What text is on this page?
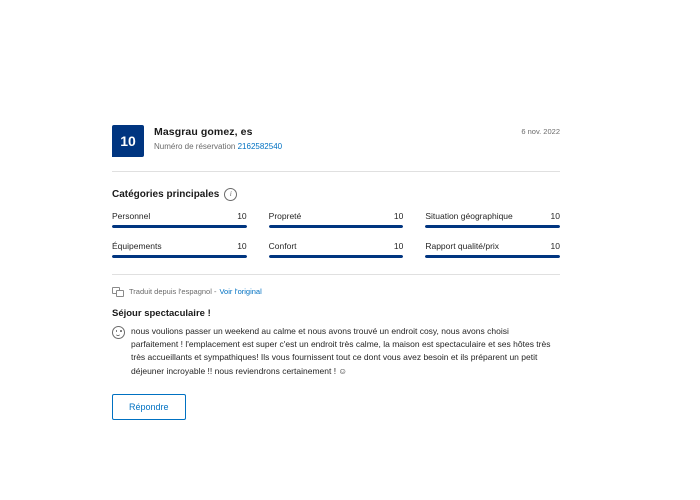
10
Masgrau gomez, es
Numéro de réservation 2162582540
6 nov. 2022
Catégories principales	i
Personnel	10	Propreté	10	Situation géographique	10
Équipements	10	Confort	10	Rapport qualité/prix	10
Traduit depuis l'espagnol - Voir l'original
Séjour spectaculaire !
nous voulions passer un weekend au calme et nous avons trouvé un endroit cosy, nous avons choisi parfaitement ! l'emplacement est super c'est un endroit très calme, la maison est spectaculaire et ses hôtes très très accueillants et sympathiques! Ils vous fournissent tout ce dont vous avez besoin et ils préparent un petit déjeuner incroyable !! nous reviendrons certainement ! ☺
Répondre
